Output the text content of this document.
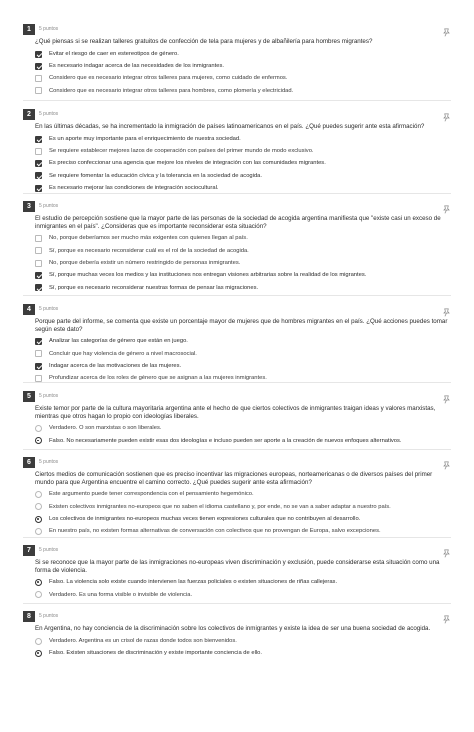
1	5 puntos
¿Qué piensas si se realizan talleres gratuitos de confección de tela para mujeres y de albañilería para hombres migrantes?
Evitar el riesgo de caer en estereotipos de género.
Es necesario indagar acerca de las necesidades de los inmigrantes.
Considero que es necesario integrar otros talleres para mujeres, como cuidado de enfermos.
Considero que es necesario integrar otros talleres para hombres, como plomería y electricidad.
2	5 puntos
En las últimas décadas, se ha incrementado la inmigración de países latinoamericanos en el país. ¿Qué puedes sugerir ante esta afirmación?
Es un aporte muy importante para el enriquecimiento de nuestra sociedad.
Se requiere establecer mejores lazos de cooperación con países del primer mundo de modo exclusivo.
Es preciso confeccionar una agencia que mejore los niveles de integración con las comunidades migrantes.
Se requiere fomentar la educación cívica y la tolerancia en la sociedad de acogida.
Es necesario mejorar las condiciones de integración sociocultural.
3	5 puntos
El estudio de percepción sostiene que la mayor parte de las personas de la sociedad de acogida argentina manifiesta que "existe casi un exceso de inmigrantes en el país". ¿Consideras que es importante reconsiderar esta situación?
No, porque deberíamos ser mucho más exigentes con quienes llegan al país.
Sí, porque es necesario reconsiderar cuál es el rol de la sociedad de acogida.
No, porque debería existir un número restringido de personas inmigrantes.
Sí, porque muchas veces los medios y las instituciones nos entregan visiones arbitrarias sobre la realidad de los migrantes.
Sí, porque es necesario reconsiderar nuestras formas de pensar las migraciones.
4	5 puntos
Porque parte del informe, se comenta que existe un porcentaje mayor de mujeres que de hombres migrantes en el país. ¿Qué acciones puedes tomar según este dato?
Analizar las categorías de género que están en juego.
Concluir que hay violencia de género a nivel macrosocial.
Indagar acerca de las motivaciones de las mujeres.
Profundizar acerca de los roles de género que se asignan a las mujeres inmigrantes.
5	5 puntos
Existe temor por parte de la cultura mayoritaria argentina ante el hecho de que ciertos colectivos de inmigrantes traigan ideas y valores marxistas, mientras que otros hagan lo propio con ideologías liberales.
Verdadero. O son marxistas o son liberales.
Falso. No necesariamente pueden existir esas dos ideologías e incluso pueden ser aporte a la creación de nuevos enfoques alternativos.
6	5 puntos
Ciertos medios de comunicación sostienen que es preciso incentivar las migraciones europeas, norteamericanas o de diversos países del primer mundo para que Argentina encuentre el camino correcto. ¿Qué puedes sugerir ante esta afirmación?
Este argumento puede tener correspondencia con el pensamiento hegemónico.
Existen colectivos inmigrantes no-europeos que no saben el idioma castellano y, por ende, no se van a saber adaptar a nuestro país.
Los colectivos de inmigrantes no-europeos muchas veces tienen expresiones culturales que no contribuyen al desarrollo.
En nuestro país, no existen formas alternativas de conversación con colectivos que no provengan de Europa, salvo excepciones.
7	5 puntos
Si se reconoce que la mayor parte de las inmigraciones no-europeas viven discriminación y exclusión, puede considerarse esta situación como una forma de violencia.
Falso. La violencia solo existe cuando intervienen las fuerzas policiales o existen situaciones de riñas callejeras.
Verdadero. Es una forma visible o invisible de violencia.
8	5 puntos
En Argentina, no hay conciencia de la discriminación sobre los colectivos de inmigrantes y existe la idea de ser una buena sociedad de acogida.
Verdadero. Argentina es un crisol de razas donde todos son bienvenidos.
Falso. Existen situaciones de discriminación y existe importante conciencia de ello.
